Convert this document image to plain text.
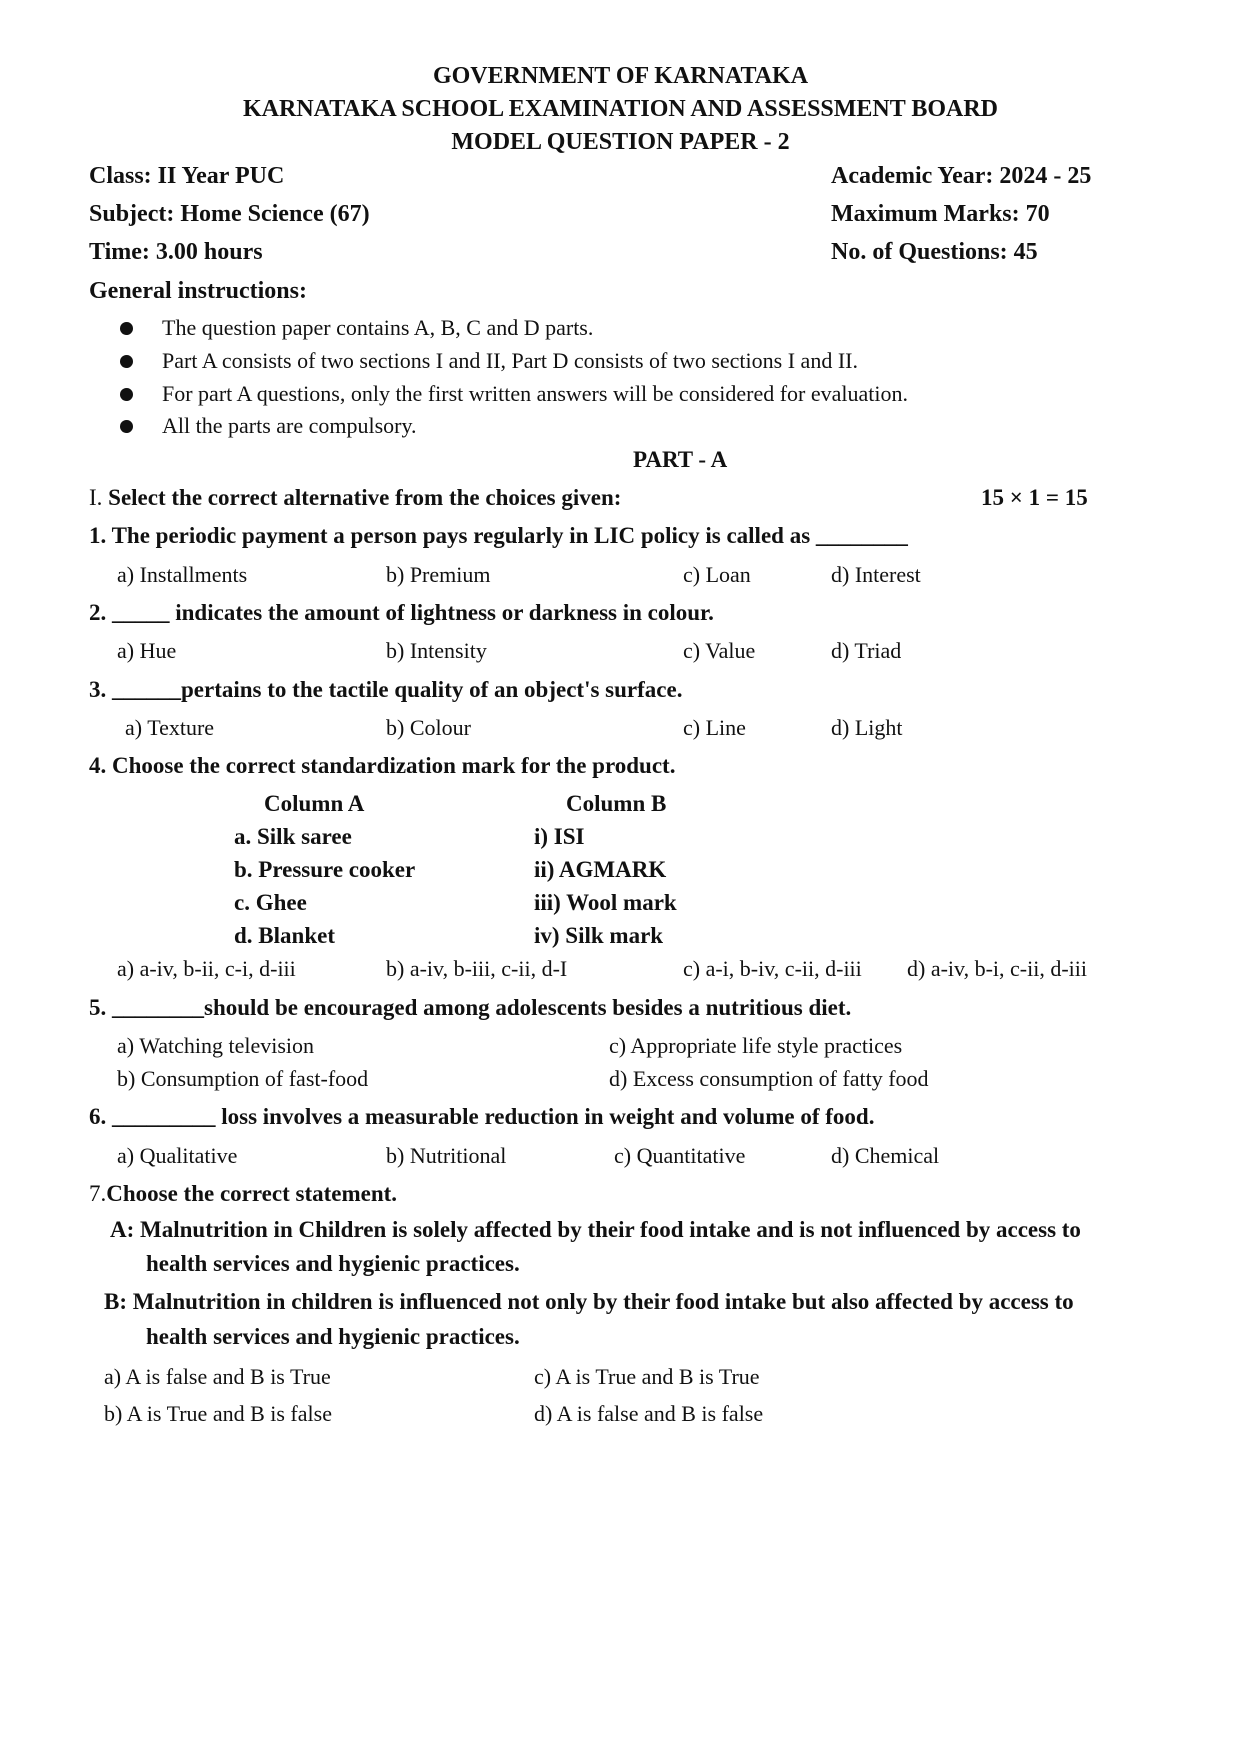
GOVERNMENT OF KARNATAKA
KARNATAKA SCHOOL EXAMINATION AND ASSESSMENT BOARD
MODEL QUESTION PAPER - 2
Class: II Year PUC	Academic Year: 2024 - 25
Subject: Home Science (67)	Maximum Marks: 70
Time: 3.00 hours	No. of Questions: 45
General instructions:
The question paper contains A, B, C and D parts.
Part A consists of two sections I and II, Part D consists of two sections I and II.
For part A questions, only the first written answers will be considered for evaluation.
All the parts are compulsory.
PART - A
I. Select the correct alternative from the choices given:	15 × 1 = 15
1. The periodic payment a person pays regularly in LIC policy is called as ________
a) Installments	b) Premium	c) Loan	d) Interest
2. _____ indicates the amount of lightness or darkness in colour.
a) Hue	b) Intensity	c) Value	d) Triad
3. ______pertains to the tactile quality of an object's surface.
a) Texture	b) Colour	c) Line	d) Light
4. Choose the correct standardization mark for the product.
Column A	Column B
a. Silk saree	i) ISI
b. Pressure cooker	ii) AGMARK
c. Ghee	iii) Wool mark
d. Blanket	iv) Silk mark
a) a-iv, b-ii, c-i, d-iii	b) a-iv, b-iii, c-ii, d-I	c) a-i, b-iv, c-ii, d-iii d) a-iv, b-i, c-ii, d-iii
5. ________should be encouraged among adolescents besides a nutritious diet.
a) Watching television	c) Appropriate life style practices
b) Consumption of fast-food	d) Excess consumption of fatty food
6. _________ loss involves a measurable reduction in weight and volume of food.
a) Qualitative	b) Nutritional	c) Quantitative	d) Chemical
7.Choose the correct statement.
A: Malnutrition in Children is solely affected by their food intake and is not influenced by access to
health services and hygienic practices.
B: Malnutrition in children is influenced not only by their food intake but also affected by access to
health services and hygienic practices.
a) A is false and B is True	c) A is True and B is True
b) A is True and B is false	d) A is false and B is false
